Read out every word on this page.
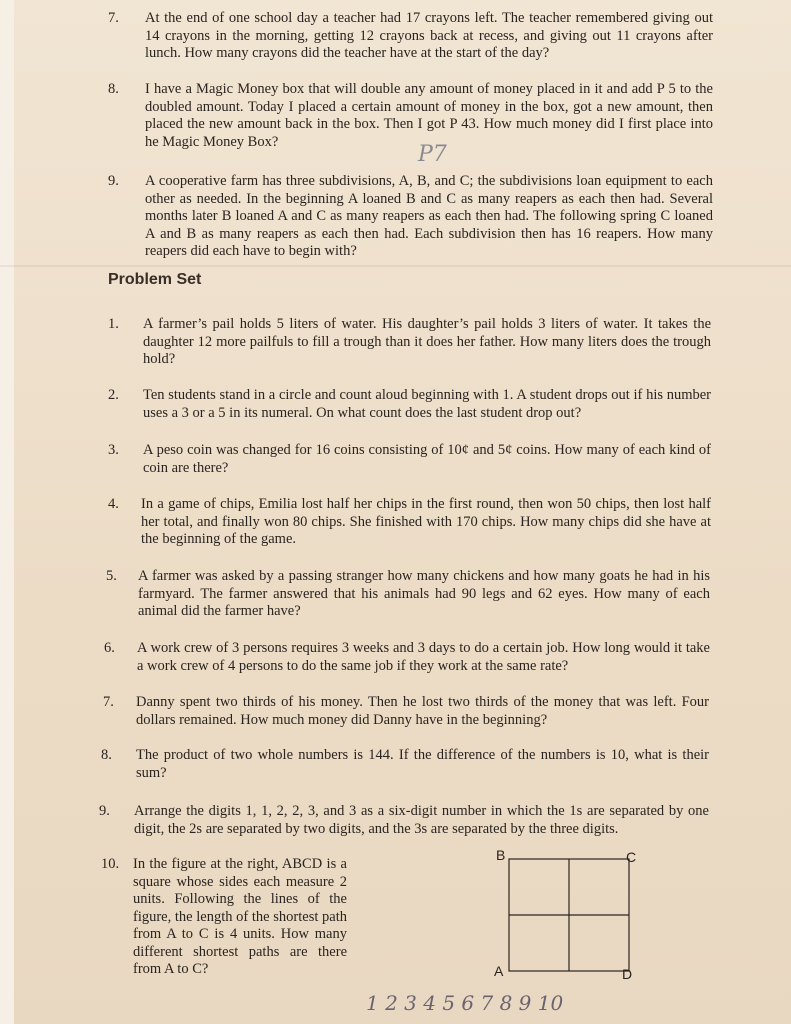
7.	At the end of one school day a teacher had 17 crayons left. The teacher remembered giving out 14 crayons in the morning, getting 12 crayons back at recess, and giving out 11 crayons after lunch. How many crayons did the teacher have at the start of the day?
8.	I have a Magic Money box that will double any amount of money placed in it and add P 5 to the doubled amount. Today I placed a certain amount of money in the box, got a new amount, then placed the new amount back in the box. Then I got P 43. How much money did I first place into he Magic Money Box?
P7
9.	A cooperative farm has three subdivisions, A, B, and C; the subdivisions loan equipment to each other as needed. In the beginning A loaned B and C as many reapers as each then had. Several months later B loaned A and C as many reapers as each then had. The following spring C loaned A and B as many reapers as each then had. Each subdivision then has 16 reapers. How many reapers did each have to begin with?
Problem Set
1.	A farmer’s pail holds 5 liters of water. His daughter’s pail holds 3 liters of water. It takes the daughter 12 more pailfuls to fill a trough than it does her father. How many liters does the trough hold?
2.	Ten students stand in a circle and count aloud beginning with 1. A student drops out if his number uses a 3 or a 5 in its numeral. On what count does the last student drop out?
3.	A peso coin was changed for 16 coins consisting of 10¢ and 5¢ coins. How many of each kind of coin are there?
4.	In a game of chips, Emilia lost half her chips in the first round, then won 50 chips, then lost half her total, and finally won 80 chips. She finished with 170 chips. How many chips did she have at the beginning of the game.
5.	A farmer was asked by a passing stranger how many chickens and how many goats he had in his farmyard. The farmer answered that his animals had 90 legs and 62 eyes. How many of each animal did the farmer have?
6.	A work crew of 3 persons requires 3 weeks and 3 days to do a certain job. How long would it take a work crew of 4 persons to do the same job if they work at the same rate?
7.	Danny spent two thirds of his money. Then he lost two thirds of the money that was left. Four dollars remained. How much money did Danny have in the beginning?
8.	The product of two whole numbers is 144. If the difference of the numbers is 10, what is their sum?
9.	Arrange the digits 1, 1, 2, 2, 3, and 3 as a six-digit number in which the 1s are separated by one digit, the 2s are separated by two digits, and the 3s are separated by the three digits.
10. In the figure at the right, ABCD is a square whose sides each measure 2 units. Following the lines of the figure, the length of the shortest path from A to C is 4 units. How many different shortest paths are there from A to C?
B	C
A	D
1 2 3 4 5 6 7 8 9 10
